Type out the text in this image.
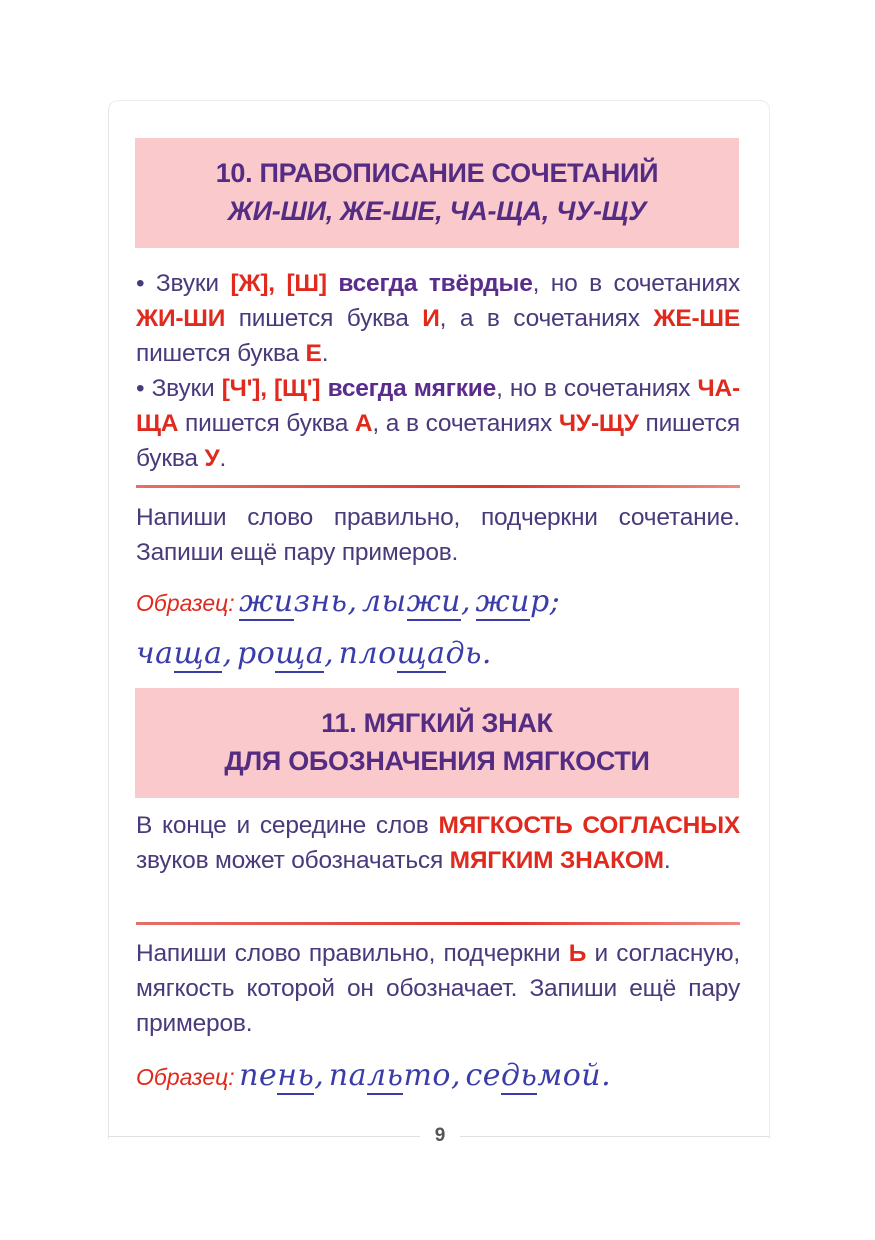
9
10. ПРАВОПИСАНИЕ СОЧЕТАНИЙ
ЖИ-ШИ, ЖЕ-ШЕ, ЧА-ЩА, ЧУ-ЩУ

• Звуки [Ж], [Ш] всегда твёрдые, но в сочетаниях ЖИ-ШИ пишется буква И, а в сочетаниях ЖЕ-ШЕ пишется буква Е.

• Звуки [Ч'], [Щ'] всегда мягкие, но в сочетаниях ЧА-ЩА пишется буква А, а в сочетаниях ЧУ-ЩУ пишется буква У.

Напиши слово правильно, подчеркни сочетание. Запиши ещё пару примеров.
Образец: жизнь, лыжи, жир;
чаща, роща, площадь.
11. МЯГКИЙ ЗНАК
ДЛЯ ОБОЗНАЧЕНИЯ МЯГКОСТИ
В конце и середине слов МЯГКОСТЬ СОГЛАСНЫХ звуков может обозначаться МЯГКИМ ЗНАКОМ.
Напиши слово правильно, подчеркни Ь и согласную, мягкость которой он обозначает. Запиши ещё пару примеров.
Образец: пень, пальто, седьмой.
